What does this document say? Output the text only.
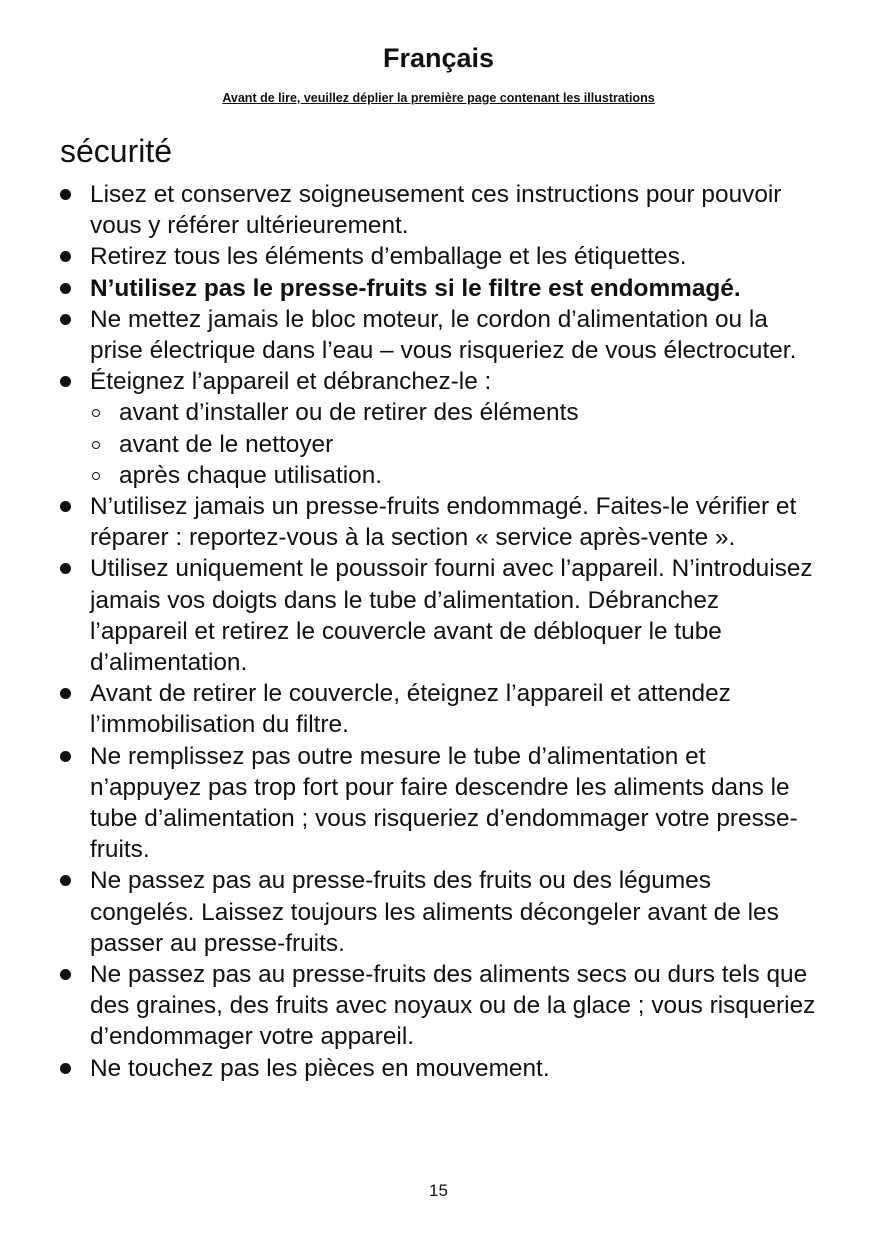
Français
Avant de lire, veuillez déplier la première page contenant les illustrations
sécurité
Lisez et conservez soigneusement ces instructions pour pouvoir vous y référer ultérieurement.
Retirez tous les éléments d’emballage et les étiquettes.
N’utilisez pas le presse-fruits si le filtre est endommagé.
Ne mettez jamais le bloc moteur, le cordon d’alimentation ou la prise électrique dans l’eau – vous risqueriez de vous électrocuter.
Éteignez l’appareil et débranchez-le :
avant d’installer ou de retirer des éléments
avant de le nettoyer
après chaque utilisation.
N’utilisez jamais un presse-fruits endommagé. Faites-le vérifier et réparer : reportez-vous à la section « service après-vente ».
Utilisez uniquement le poussoir fourni avec l’appareil. N’introduisez jamais vos doigts dans le tube d’alimentation. Débranchez l’appareil et retirez le couvercle avant de débloquer le tube d’alimentation.
Avant de retirer le couvercle, éteignez l’appareil et attendez l’immobilisation du filtre.
Ne remplissez pas outre mesure le tube d’alimentation et n’appuyez pas trop fort pour faire descendre les aliments dans le tube d’alimentation ; vous risqueriez d’endommager votre presse-fruits.
Ne passez pas au presse-fruits des fruits ou des légumes congelés. Laissez toujours les aliments décongeler avant de les passer au presse-fruits.
Ne passez pas au presse-fruits des aliments secs ou durs tels que des graines, des fruits avec noyaux ou de la glace ; vous risqueriez d’endommager votre appareil.
Ne touchez pas les pièces en mouvement.
15
